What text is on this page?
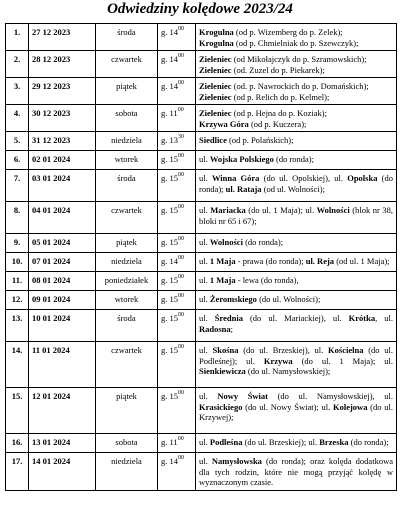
Odwiedziny kolędowe 2023/24
1.	27 12 2023	środa	g. $14^{00}$	Krogulna (od p. Wizemberg do p. Zelek);
Krogulna (od p. Chmielniak do p. Szewczyk);

2.	28 12 2023	czwartek	g. $14^{00}$	Zieleniec (od Mikołajczyk do p. Szramowskich);
Zieleniec (od. Zuzel do p. Piekarek);

3.	29 12 2023	piątek	g. $14^{00}$	Zieleniec (od. p. Nawrockich do p. Domańskich);
Zieleniec (od p. Relich do p. Kelmel);

4.	30 12 2023	sobota	g. $11^{00}$	Zieleniec (od p. Hejna do p. Koziak);
Krzywa Góra (od p. Kuczera);

5.	31 12 2023	niedziela	g. $13^{30}$	Siedlice (od p. Polańskich);

6.	02 01 2024	wtorek	g. $15^{00}$	ul. Wojska Polskiego (do ronda);

7.	03 01 2024	środa	g. $15^{00}$	ul. Winna Góra (do ul. Opolskiej), ul. Opolska (do ronda); ul. Rataja (od ul. Wolności);

8.	04 01 2024	czwartek	g. $15^{00}$	ul. Mariacka (do ul. 1 Maja); ul. Wolności (blok nr 38, bloki nr 65 i 67);

9.	05 01 2024	piątek	g. $15^{00}$	ul. Wolności (do ronda);

10.	07 01 2024	niedziela	g. $14^{00}$	ul. 1 Maja - prawa (do ronda); ul. Reja (od ul. 1 Maja);

11.	08 01 2024	poniedziałek	g. $15^{00}$	ul. 1 Maja - lewa (do ronda),

12.	09 01 2024	wtorek	g. $15^{00}$	ul. Żeromskiego (do ul. Wolności);

13.	10 01 2024	środa	g. $15^{00}$	ul. Średnia (do ul. Mariackiej), ul. Krótka, ul. Radosna;

14.	11 01 2024	czwartek	g. $15^{00}$	ul. Skośna (do ul. Brzeskiej), ul. Kościelna (do ul. Podleśnej); ul. Krzywa (do ul. 1 Maja); ul. Sienkiewicza (do ul. Namysłowskiej);

15.	12 01 2024	piątek	g. $15^{00}$	ul. Nowy Świat (do ul. Namysłowskiej), ul. Krasickiego (do ul. Nowy Świat); ul. Kolejowa (do ul. Krzywej);

16.	13 01 2024	sobota	g. $11^{00}$	ul. Podleśna (do ul. Brzeskiej); ul. Brzeska (do ronda);

17.	14 01 2024	niedziela	g. $14^{00}$	ul. Namysłowska (do ronda); oraz kolęda dodatkowa dla tych rodzin, które nie mogą przyjąć kolędę w wyznaczonym czasie.
